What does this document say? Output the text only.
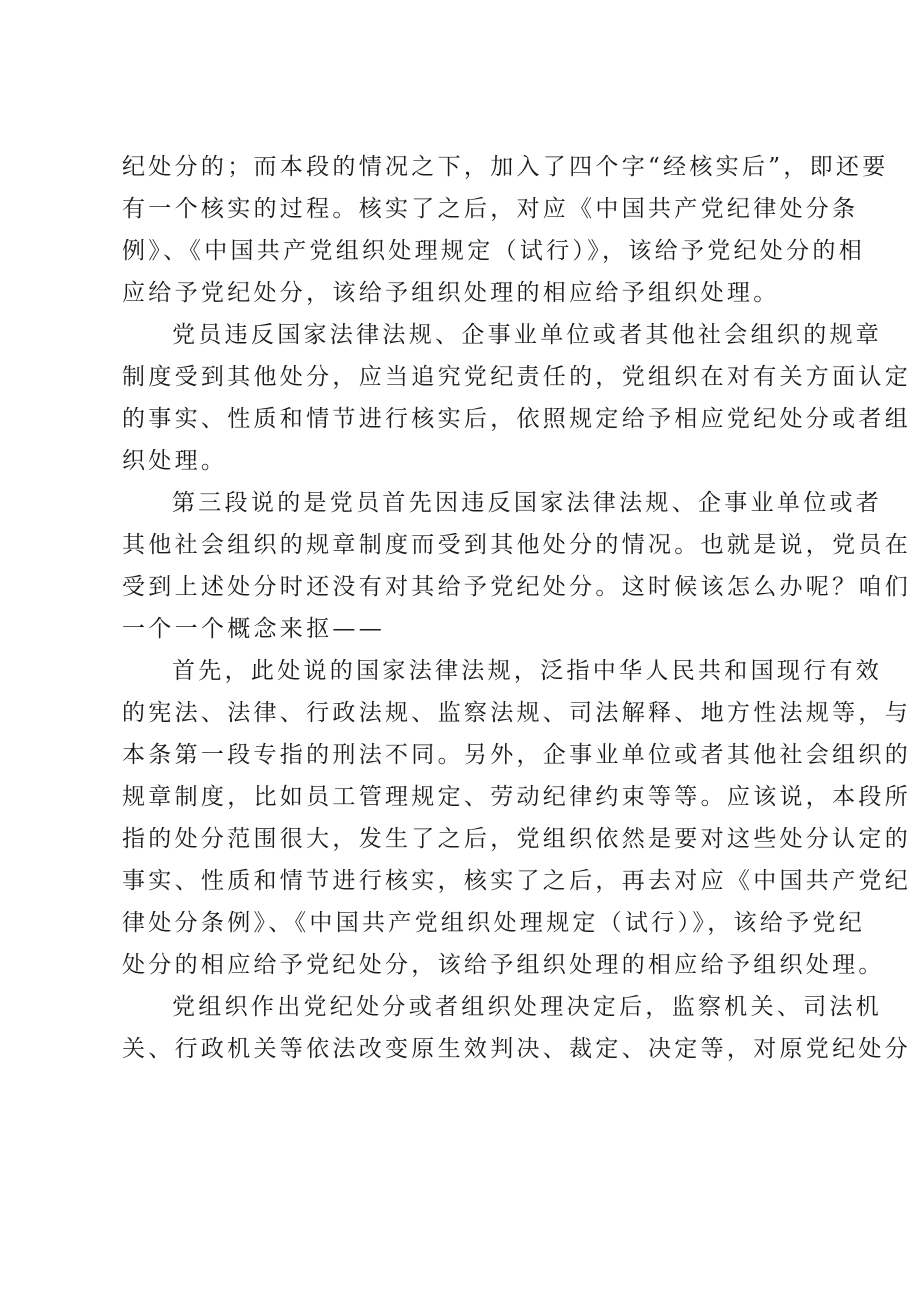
纪处分的；而本段的情况之下，加入了四个字“经核实后”，即还要
有一个核实的过程。核实了之后，对应《中国共产党纪律处分条
例》、《中国共产党组织处理规定（试行）》，该给予党纪处分的相
应给予党纪处分，该给予组织处理的相应给予组织处理。
党员违反国家法律法规、企事业单位或者其他社会组织的规章
制度受到其他处分，应当追究党纪责任的，党组织在对有关方面认定
的事实、性质和情节进行核实后，依照规定给予相应党纪处分或者组
织处理。
第三段说的是党员首先因违反国家法律法规、企事业单位或者
其他社会组织的规章制度而受到其他处分的情况。也就是说，党员在
受到上述处分时还没有对其给予党纪处分。这时候该怎么办呢？咱们
一个一个概念来抠——
首先，此处说的国家法律法规，泛指中华人民共和国现行有效
的宪法、法律、行政法规、监察法规、司法解释、地方性法规等，与
本条第一段专指的刑法不同。另外，企事业单位或者其他社会组织的
规章制度，比如员工管理规定、劳动纪律约束等等。应该说，本段所
指的处分范围很大，发生了之后，党组织依然是要对这些处分认定的
事实、性质和情节进行核实，核实了之后，再去对应《中国共产党纪
律处分条例》、《中国共产党组织处理规定（试行）》，该给予党纪
处分的相应给予党纪处分，该给予组织处理的相应给予组织处理。
党组织作出党纪处分或者组织处理决定后，监察机关、司法机
关、行政机关等依法改变原生效判决、裁定、决定等，对原党纪处分
